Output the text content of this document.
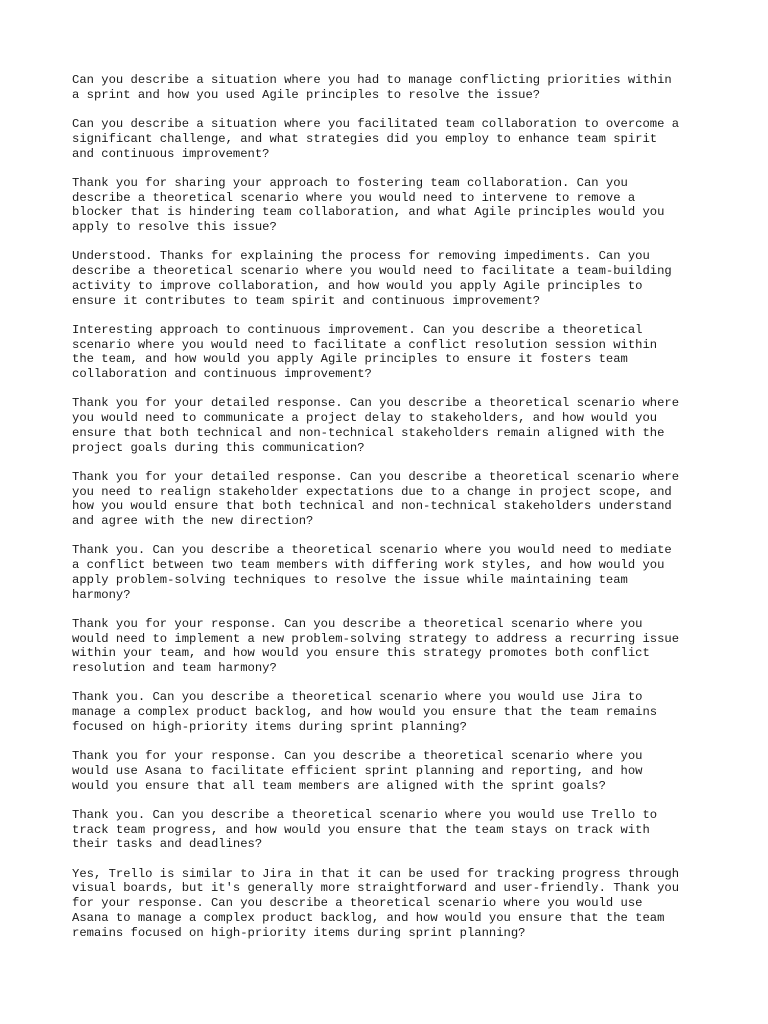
Can you describe a situation where you had to manage conflicting priorities within
a sprint and how you used Agile principles to resolve the issue?

Can you describe a situation where you facilitated team collaboration to overcome a
significant challenge, and what strategies did you employ to enhance team spirit
and continuous improvement?

Thank you for sharing your approach to fostering team collaboration. Can you
describe a theoretical scenario where you would need to intervene to remove a
blocker that is hindering team collaboration, and what Agile principles would you
apply to resolve this issue?

Understood. Thanks for explaining the process for removing impediments. Can you
describe a theoretical scenario where you would need to facilitate a team-building
activity to improve collaboration, and how would you apply Agile principles to
ensure it contributes to team spirit and continuous improvement?

Interesting approach to continuous improvement. Can you describe a theoretical
scenario where you would need to facilitate a conflict resolution session within
the team, and how would you apply Agile principles to ensure it fosters team
collaboration and continuous improvement?

Thank you for your detailed response. Can you describe a theoretical scenario where
you would need to communicate a project delay to stakeholders, and how would you
ensure that both technical and non-technical stakeholders remain aligned with the
project goals during this communication?

Thank you for your detailed response. Can you describe a theoretical scenario where
you need to realign stakeholder expectations due to a change in project scope, and
how you would ensure that both technical and non-technical stakeholders understand
and agree with the new direction?

Thank you. Can you describe a theoretical scenario where you would need to mediate
a conflict between two team members with differing work styles, and how would you
apply problem-solving techniques to resolve the issue while maintaining team
harmony?

Thank you for your response. Can you describe a theoretical scenario where you
would need to implement a new problem-solving strategy to address a recurring issue
within your team, and how would you ensure this strategy promotes both conflict
resolution and team harmony?

Thank you. Can you describe a theoretical scenario where you would use Jira to
manage a complex product backlog, and how would you ensure that the team remains
focused on high-priority items during sprint planning?

Thank you for your response. Can you describe a theoretical scenario where you
would use Asana to facilitate efficient sprint planning and reporting, and how
would you ensure that all team members are aligned with the sprint goals?

Thank you. Can you describe a theoretical scenario where you would use Trello to
track team progress, and how would you ensure that the team stays on track with
their tasks and deadlines?

Yes, Trello is similar to Jira in that it can be used for tracking progress through
visual boards, but it's generally more straightforward and user-friendly. Thank you
for your response. Can you describe a theoretical scenario where you would use
Asana to manage a complex product backlog, and how would you ensure that the team
remains focused on high-priority items during sprint planning?
